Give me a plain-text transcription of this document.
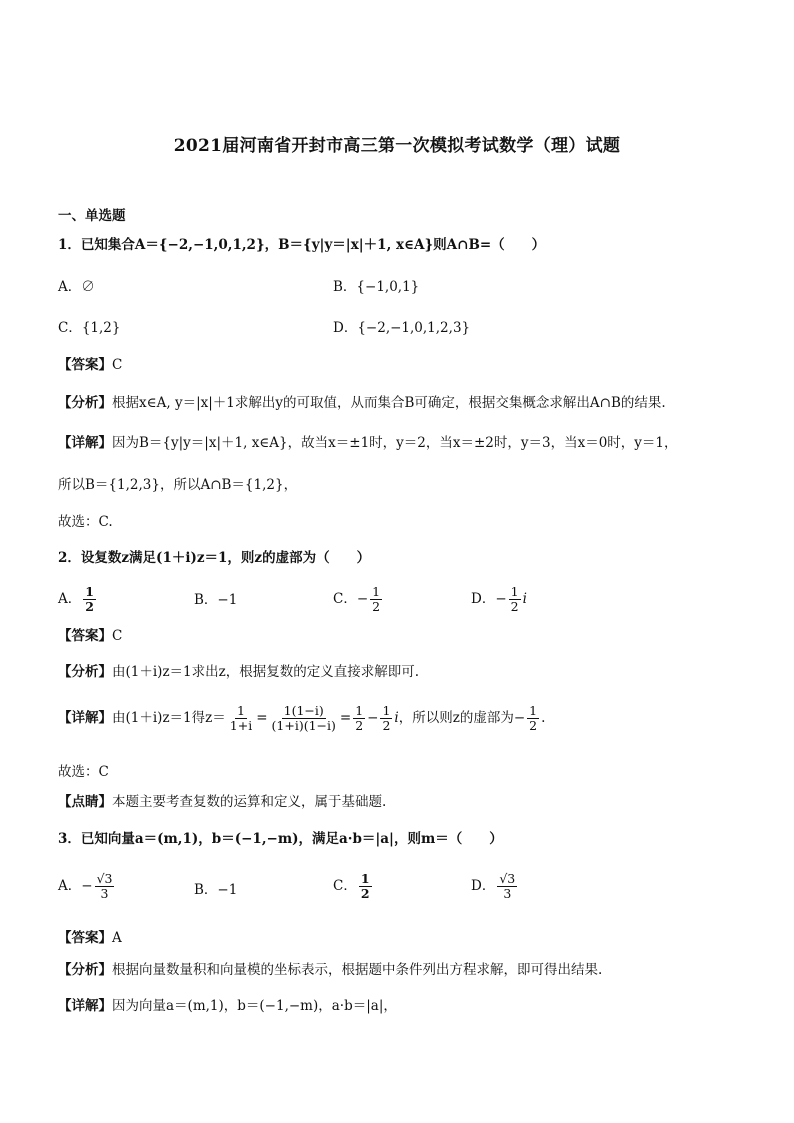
2021届河南省开封市高三第一次模拟考试数学（理）试题
一、单选题
1．已知集合A＝{−2,−1,0,1,2}，B＝{y|y＝|x|＋1, x∈A}则A∩B=（　　）
A．∅	B．{−1,0,1}
C．{1,2}	D．{−2,−1,0,1,2,3}
【答案】C
【分析】根据x∈A, y＝|x|＋1求解出y的可取值，从而集合B可确定，根据交集概念求解出A∩B的结果.
【详解】因为B＝{y|y＝|x|＋1, x∈A}，故当x＝±1时，y＝2，当x＝±2时，y＝3，当x＝0时，y＝1，
所以B＝{1,2,3}，所以A∩B＝{1,2}，
故选：C.
2．设复数z满足(1＋i)z＝1，则z的虚部为（　　）
A． $\frac{1}{2}$	B．−1	C．− $\frac{1}{2}$	D．− $\frac{1}{2}$ i
【答案】C
【分析】由(1＋i)z＝1求出z，根据复数的定义直接求解即可.
【详解】由(1＋i)z＝1得$z= \frac{1}{1+i} = \frac{1(1-i)}{(1+i)(1-i)} = \frac{1}{2} - \frac{1}{2}$ i，所以则z的虚部为− $\frac{1}{2}$ .
故选：C
【点睛】本题主要考查复数的运算和定义，属于基础题.
3．已知向量a＝(m,1)，b＝(−1,−m)，满足a·b＝|a|，则m＝（　　）
A．− $\frac{√3}{3}$	B．−1	C． $\frac{1}{2}$	D． $\frac{√3}{3}$
【答案】A
【分析】根据向量数量积和向量模的坐标表示，根据题中条件列出方程求解，即可得出结果.
【详解】因为向量a＝(m,1)，b＝(−1,−m)，a·b＝|a|，
